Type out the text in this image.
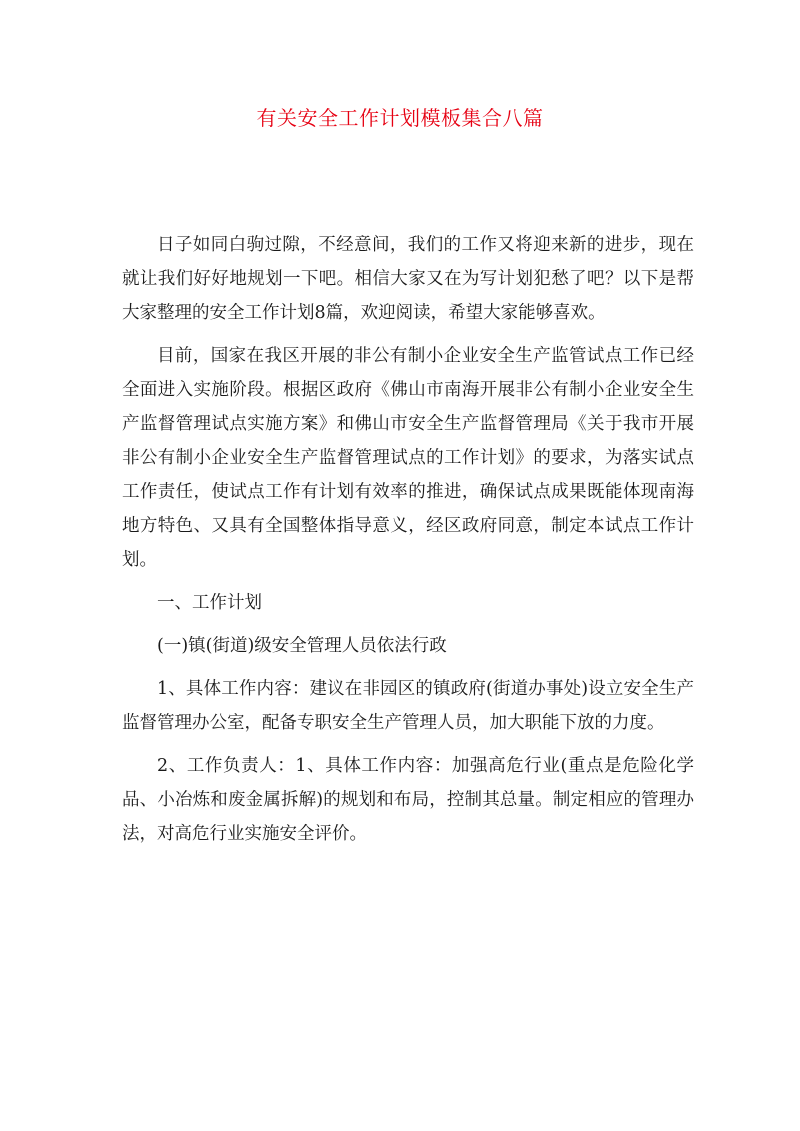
有关安全工作计划模板集合八篇

日子如同白驹过隙，不经意间，我们的工作又将迎来新的进步，现在就让我们好好地规划一下吧。相信大家又在为写计划犯愁了吧？以下是帮大家整理的安全工作计划8篇，欢迎阅读，希望大家能够喜欢。

目前，国家在我区开展的非公有制小企业安全生产监管试点工作已经全面进入实施阶段。根据区政府《佛山市南海开展非公有制小企业安全生产监督管理试点实施方案》和佛山市安全生产监督管理局《关于我市开展非公有制小企业安全生产监督管理试点的工作计划》的要求，为落实试点工作责任，使试点工作有计划有效率的推进，确保试点成果既能体现南海地方特色、又具有全国整体指导意义，经区政府同意，制定本试点工作计划。

一、工作计划

(一)镇(街道)级安全管理人员依法行政

1、具体工作内容：建议在非园区的镇政府(街道办事处)设立安全生产监督管理办公室，配备专职安全生产管理人员，加大职能下放的力度。

2、工作负责人：1、具体工作内容：加强高危行业(重点是危险化学品、小冶炼和废金属拆解)的规划和布局，控制其总量。制定相应的管理办法，对高危行业实施安全评价。
